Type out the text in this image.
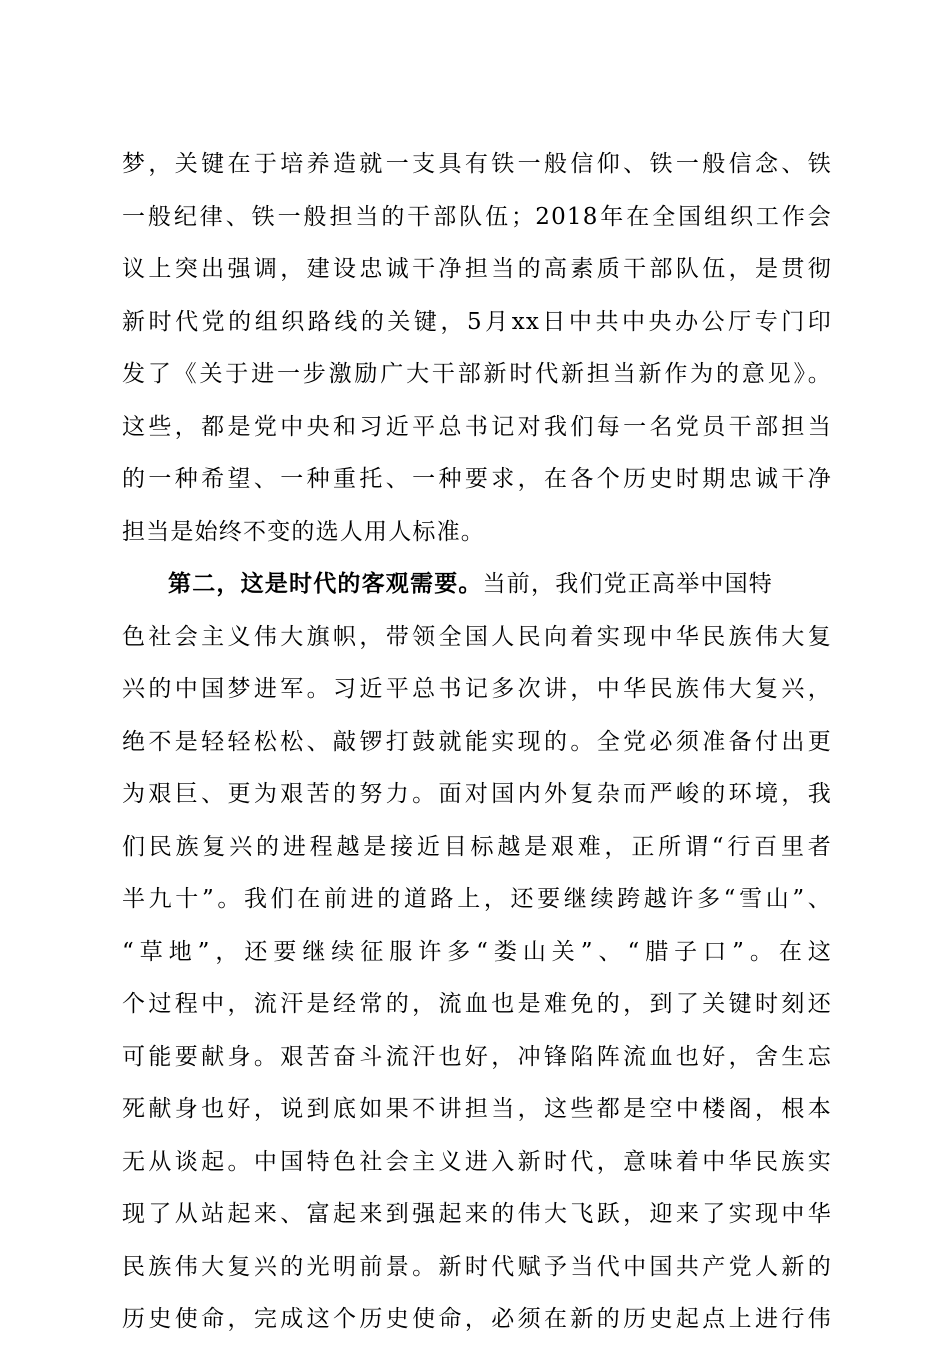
梦，关键在于培养造就一支具有铁一般信仰、铁一般信念、铁
一般纪律、铁一般担当的干部队伍；2018年在全国组织工作会
议上突出强调，建设忠诚干净担当的高素质干部队伍，是贯彻
新时代党的组织路线的关键，5月xx日中共中央办公厅专门印
发了《关于进一步激励广大干部新时代新担当新作为的意见》。
这些，都是党中央和习近平总书记对我们每一名党员干部担当
的一种希望、一种重托、一种要求，在各个历史时期忠诚干净
担当是始终不变的选人用人标准。
第二，这是时代的客观需要。当前，我们党正高举中国特
色社会主义伟大旗帜，带领全国人民向着实现中华民族伟大复
兴的中国梦进军。习近平总书记多次讲，中华民族伟大复兴，
绝不是轻轻松松、敲锣打鼓就能实现的。全党必须准备付出更
为艰巨、更为艰苦的努力。面对国内外复杂而严峻的环境，我
们民族复兴的进程越是接近目标越是艰难，正所谓“行百里者
半九十”。我们在前进的道路上，还要继续跨越许多“雪山”、
“草地”，还要继续征服许多“娄山关”、“腊子口”。在这
个过程中，流汗是经常的，流血也是难免的，到了关键时刻还
可能要献身。艰苦奋斗流汗也好，冲锋陷阵流血也好，舍生忘
死献身也好，说到底如果不讲担当，这些都是空中楼阁，根本
无从谈起。中国特色社会主义进入新时代，意味着中华民族实
现了从站起来、富起来到强起来的伟大飞跃，迎来了实现中华
民族伟大复兴的光明前景。新时代赋予当代中国共产党人新的
历史使命，完成这个历史使命，必须在新的历史起点上进行伟
